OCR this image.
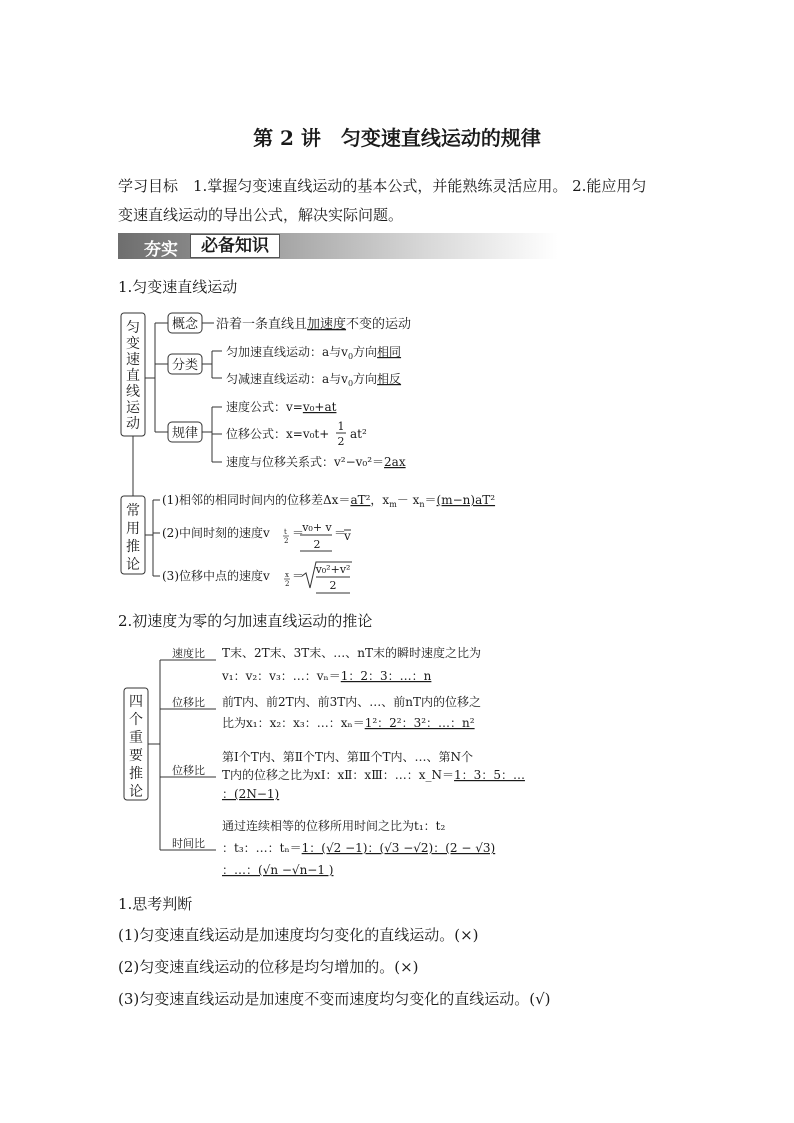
第 2 讲　匀变速直线运动的规律
学习目标　1.掌握匀变速直线运动的基本公式，并能熟练灵活应用。 2.能应用匀
变速直线运动的导出公式，解决实际问题。
夯实	必备知识
1.匀变速直线运动
匀
变
速
直
线
运
动
概念
分类
规律
沿着一条直线且加速度不变的运动
匀加速直线运动：a与$v_0$方向相同
匀减速直线运动：a与$v_0$方向相反
速度公式：v=v₀+at
位移公式：x=v₀t+
1
2
at²
速度与位移关系式：v²−v₀²＝2ax
常
用
推
论
(1)相邻的相同时间内的位移差Δx＝aT²，$x_m- x_n=(m-n)aT^2$
(2)中间时刻的速度v t
2
＝
v₀+ v
2
＝
v
(3)位移中点的速度v x
2
＝ v₀²+v²
2
2.初速度为零的匀加速直线运动的推论
四
个
重
要
推
论
速度比
位移比
位移比
时间比
T末、2T末、3T末、…、nT末的瞬时速度之比为
v₁：v₂：v₃：…：vₙ＝1：2：3：…：n
前T内、前2T内、前3T内、…、前nT内的位移之
比为x₁：x₂：x₃：…：xₙ＝1²：2²：3²：…：n²
第Ⅰ个T内、第Ⅱ个T内、第Ⅲ个T内、…、第N个
T内的位移之比为xⅠ：xⅡ：xⅢ：…：x_N＝1：3：5：…
：(2N−1)
通过连续相等的位移所用时间之比为t₁：t₂
：t₃：…：tₙ＝1：(√2 −1)：(√3 −√2)：(2 − √3)
：…：(√n −√n−1 )
1.思考判断
(1)匀变速直线运动是加速度均匀变化的直线运动。(×)
(2)匀变速直线运动的位移是均匀增加的。(×)
(3)匀变速直线运动是加速度不变而速度均匀变化的直线运动。(√)
